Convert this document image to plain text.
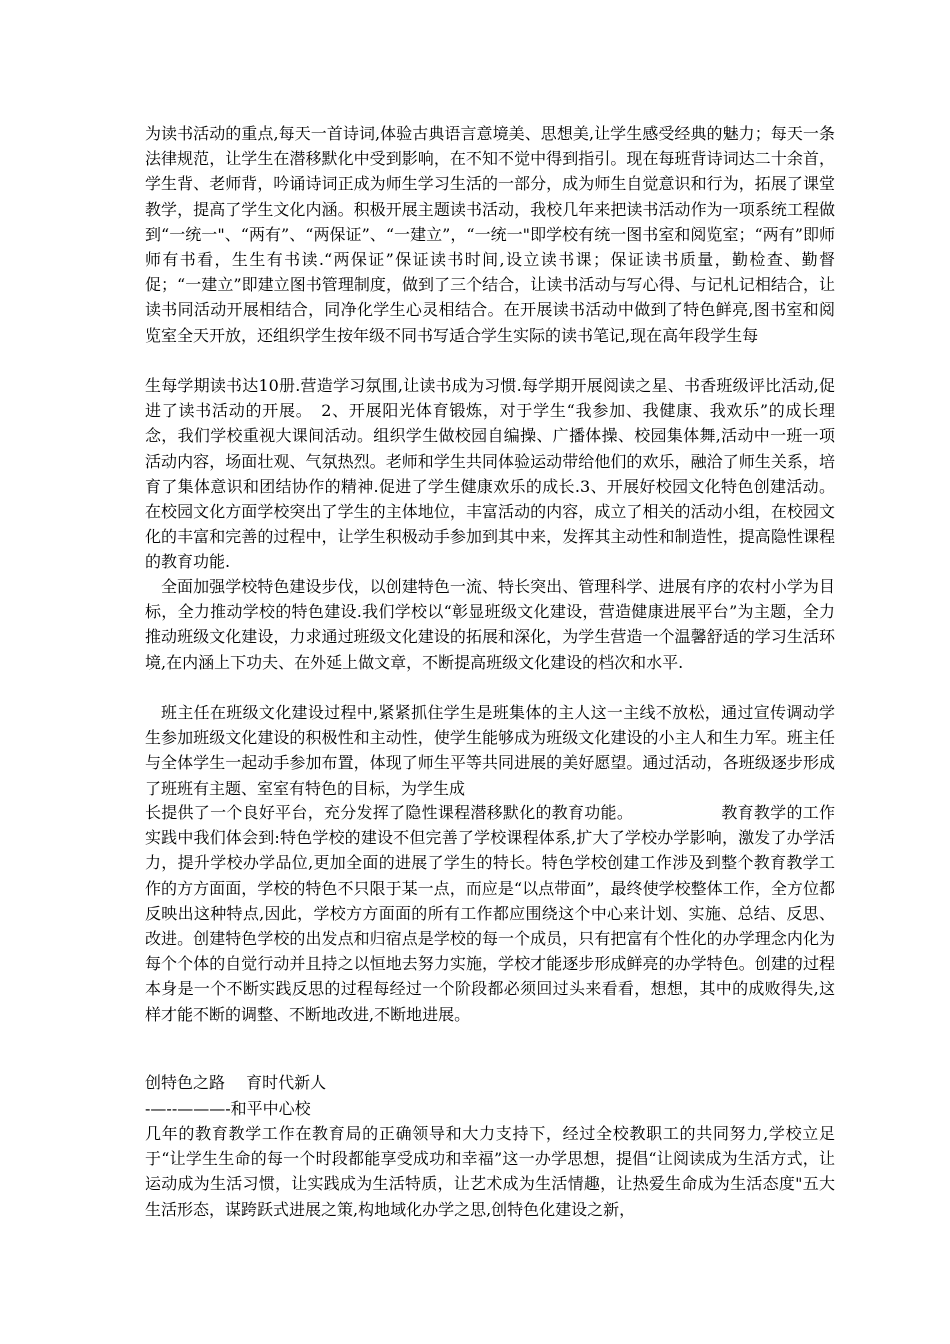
为读书活动的重点,每天一首诗词,体验古典语言意境美、思想美,让学生感受经典的魅力；每天一条法律规范，让学生在潜移默化中受到影响，在不知不觉中得到指引。现在每班背诗词达二十余首，学生背、老师背，吟诵诗词正成为师生学习生活的一部分，成为师生自觉意识和行为，拓展了课堂教学，提高了学生文化内涵。积极开展主题读书活动，我校几年来把读书活动作为一项系统工程做到“一统一"、“两有”、“两保证”、“一建立”，“一统一"即学校有统一图书室和阅览室；“两有”即师师有书看，生生有书读.“两保证”保证读书时间,设立读书课；保证读书质量，勤检查、勤督促；“一建立”即建立图书管理制度，做到了三个结合，让读书活动与写心得、与记札记相结合，让读书同活动开展相结合，同净化学生心灵相结合。在开展读书活动中做到了特色鲜亮,图书室和阅览室全天开放，还组织学生按年级不同书写适合学生实际的读书笔记,现在高年段学生每

生每学期读书达10册.营造学习氛围,让读书成为习惯.每学期开展阅读之星、书香班级评比活动,促进了读书活动的开展。　2、开展阳光体育锻炼，对于学生“我参加、我健康、我欢乐”的成长理念，我们学校重视大课间活动。组织学生做校园自编操、广播体操、校园集体舞,活动中一班一项活动内容，场面壮观、气氛热烈。老师和学生共同体验运动带给他们的欢乐，融洽了师生关系，培育了集体意识和团结协作的精神.促进了学生健康欢乐的成长.3、开展好校园文化特色创建活动。在校园文化方面学校突出了学生的主体地位，丰富活动的内容，成立了相关的活动小组，在校园文化的丰富和完善的过程中，让学生积极动手参加到其中来，发挥其主动性和制造性，提高隐性课程的教育功能.

全面加强学校特色建设步伐，以创建特色一流、特长突出、管理科学、进展有序的农村小学为目标，全力推动学校的特色建设.我们学校以“彰显班级文化建设，营造健康进展平台”为主题，全力推动班级文化建设，力求通过班级文化建设的拓展和深化，为学生营造一个温馨舒适的学习生活环境,在内涵上下功夫、在外延上做文章，不断提高班级文化建设的档次和水平.

班主任在班级文化建设过程中,紧紧抓住学生是班集体的主人这一主线不放松，通过宣传调动学生参加班级文化建设的积极性和主动性，使学生能够成为班级文化建设的小主人和生力军。班主任与全体学生一起动手参加布置，体现了师生平等共同进展的美好愿望。通过活动，各班级逐步形成了班班有主题、室室有特色的目标，为学生成

长提供了一个良好平台，充分发挥了隐性课程潜移默化的教育功能。	教育教学的工作实践中我们体会到:特色学校的建设不但完善了学校课程体系,扩大了学校办学影响，激发了办学活力，提升学校办学品位,更加全面的进展了学生的特长。特色学校创建工作涉及到整个教育教学工作的方方面面，学校的特色不只限于某一点，而应是“以点带面”，最终使学校整体工作，全方位都反映出这种特点,因此，学校方方面面的所有工作都应围绕这个中心来计划、实施、总结、反思、改进。创建特色学校的出发点和归宿点是学校的每一个成员，只有把富有个性化的办学理念内化为每个个体的自觉行动并且持之以恒地去努力实施，学校才能逐步形成鲜亮的办学特色。创建的过程本身是一个不断实践反思的过程每经过一个阶段都必须回过头来看看，想想，其中的成败得失,这样才能不断的调整、不断地改进,不断地进展。

创特色之路　 育时代新人

-—--———-和平中心校

几年的教育教学工作在教育局的正确领导和大力支持下，经过全校教职工的共同努力,学校立足于“让学生生命的每一个时段都能享受成功和幸福”这一办学思想，提倡“让阅读成为生活方式，让运动成为生活习惯，让实践成为生活特质，让艺术成为生活情趣，让热爱生命成为生活态度"五大生活形态，谋跨跃式进展之策,构地域化办学之思,创特色化建设之新，
